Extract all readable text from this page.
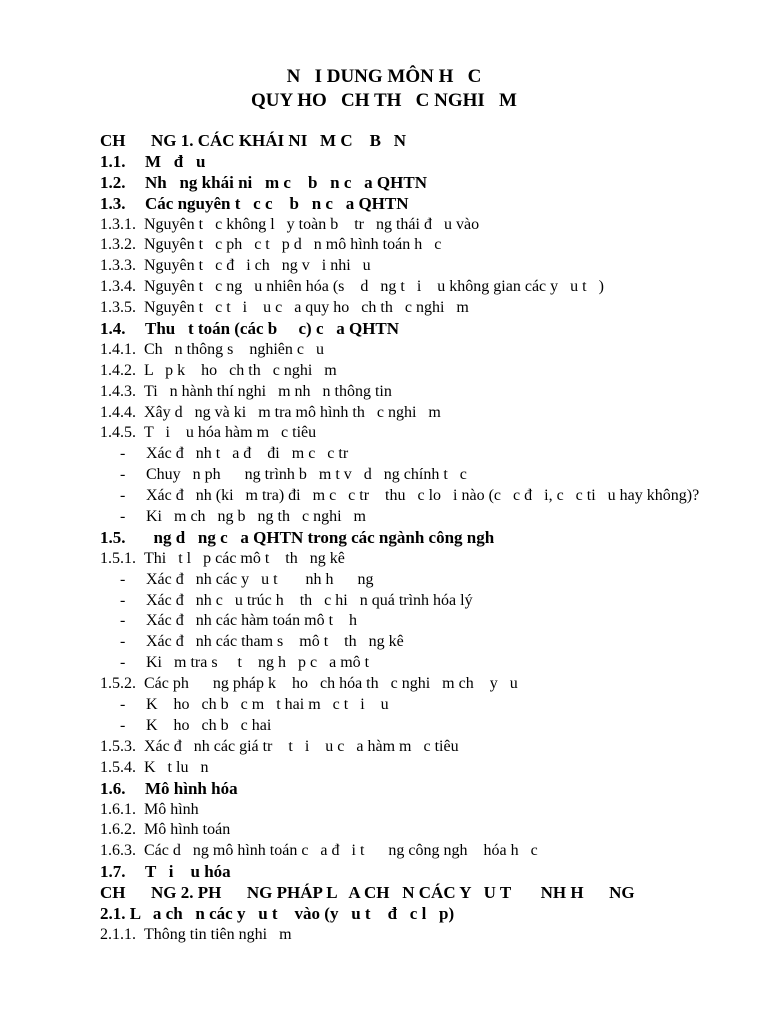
N   I DUNG MÔN H   C
QUY HO   CH TH   C NGHI   M
CH      NG 1. CÁC KHÁI NI   M C    B   N
1.1. M   đ   u
1.2. Nh   ng khái ni   m c    b   n c   a QHTN
1.3. Các nguyên t   c c    b   n c   a QHTN
1.3.1. Nguyên t   c không l   y toàn b    tr   ng thái đ   u vào
1.3.2. Nguyên t   c ph   c t   p d   n mô hình toán h   c
1.3.3. Nguyên t   c đ   i ch   ng v   i nhi   u
1.3.4. Nguyên t   c ng   u nhiên hóa (s    d   ng t   i    u không gian các y   u t   )
1.3.5. Nguyên t   c t   i    u c   a quy ho   ch th   c nghi   m
1.4. Thu   t toán (các b     c) c   a QHTN
1.4.1. Ch   n thông s    nghiên c   u
1.4.2. L   p k    ho   ch th   c nghi   m
1.4.3. Ti   n hành thí nghi   m nh   n thông tin
1.4.4. Xây d   ng và ki   m tra mô hình th   c nghi   m
1.4.5. T   i    u hóa hàm m   c tiêu
- Xác đ   nh t   a đ    đi   m c   c tr
- Chuy   n ph      ng trình b   m t v   d   ng chính t   c
- Xác đ   nh (ki   m tra) đi   m c   c tr    thu   c lo   i nào (c   c đ   i, c   c ti   u hay không)?
- Ki   m ch   ng b   ng th   c nghi   m
1.5. ng d   ng c   a QHTN trong các ngành công ngh
1.5.1. Thi   t l   p các mô t    th   ng kê
- Xác đ   nh các y   u t       nh h      ng
- Xác đ   nh c   u trúc h    th   c hi   n quá trình hóa lý
- Xác đ   nh các hàm toán mô t    h
- Xác đ   nh các tham s    mô t    th   ng kê
- Ki   m tra s     t    ng h   p c   a mô t
1.5.2. Các ph      ng pháp k    ho   ch hóa th   c nghi   m ch    y   u
- K    ho   ch b   c m   t hai m   c t   i    u
- K    ho   ch b   c hai
1.5.3. Xác đ   nh các giá tr    t   i    u c   a hàm m   c tiêu
1.5.4. K   t lu   n
1.6. Mô hình hóa
1.6.1. Mô hình
1.6.2. Mô hình toán
1.6.3. Các d   ng mô hình toán c   a đ   i t      ng công ngh    hóa h   c
1.7. T   i    u hóa
CH      NG 2. PH      NG PHÁP L   A CH   N CÁC Y   U T       NH H      NG
2.1. L   a ch   n các y   u t    vào (y   u t    đ   c l   p)
2.1.1. Thông tin tiên nghi   m
